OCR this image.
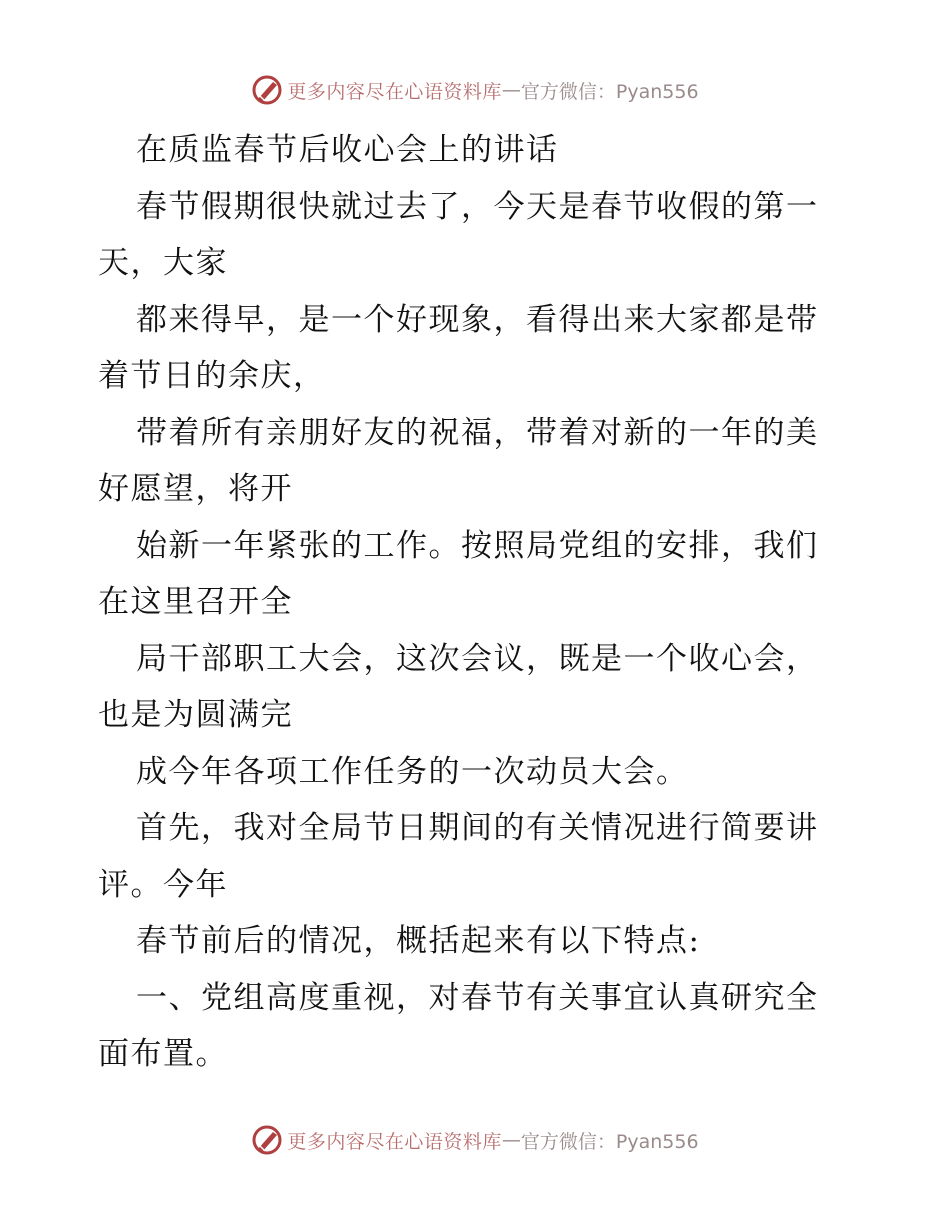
更多内容尽在心语资料库 — 官方微信：Pyan556

在质监春节后收心会上的讲话

春节假期很快就过去了，今天是春节收假的第一天，大家

都来得早，是一个好现象，看得出来大家都是带着节日的余庆，

带着所有亲朋好友的祝福，带着对新的一年的美好愿望，将开

始新一年紧张的工作。按照局党组的安排，我们在这里召开全

局干部职工大会，这次会议，既是一个收心会，也是为圆满完

成今年各项工作任务的一次动员大会。

首先，我对全局节日期间的有关情况进行简要讲评。今年

春节前后的情况，概括起来有以下特点:

一、党组高度重视，对春节有关事宜认真研究全面布置。

更多内容尽在心语资料库 — 官方微信：Pyan556
